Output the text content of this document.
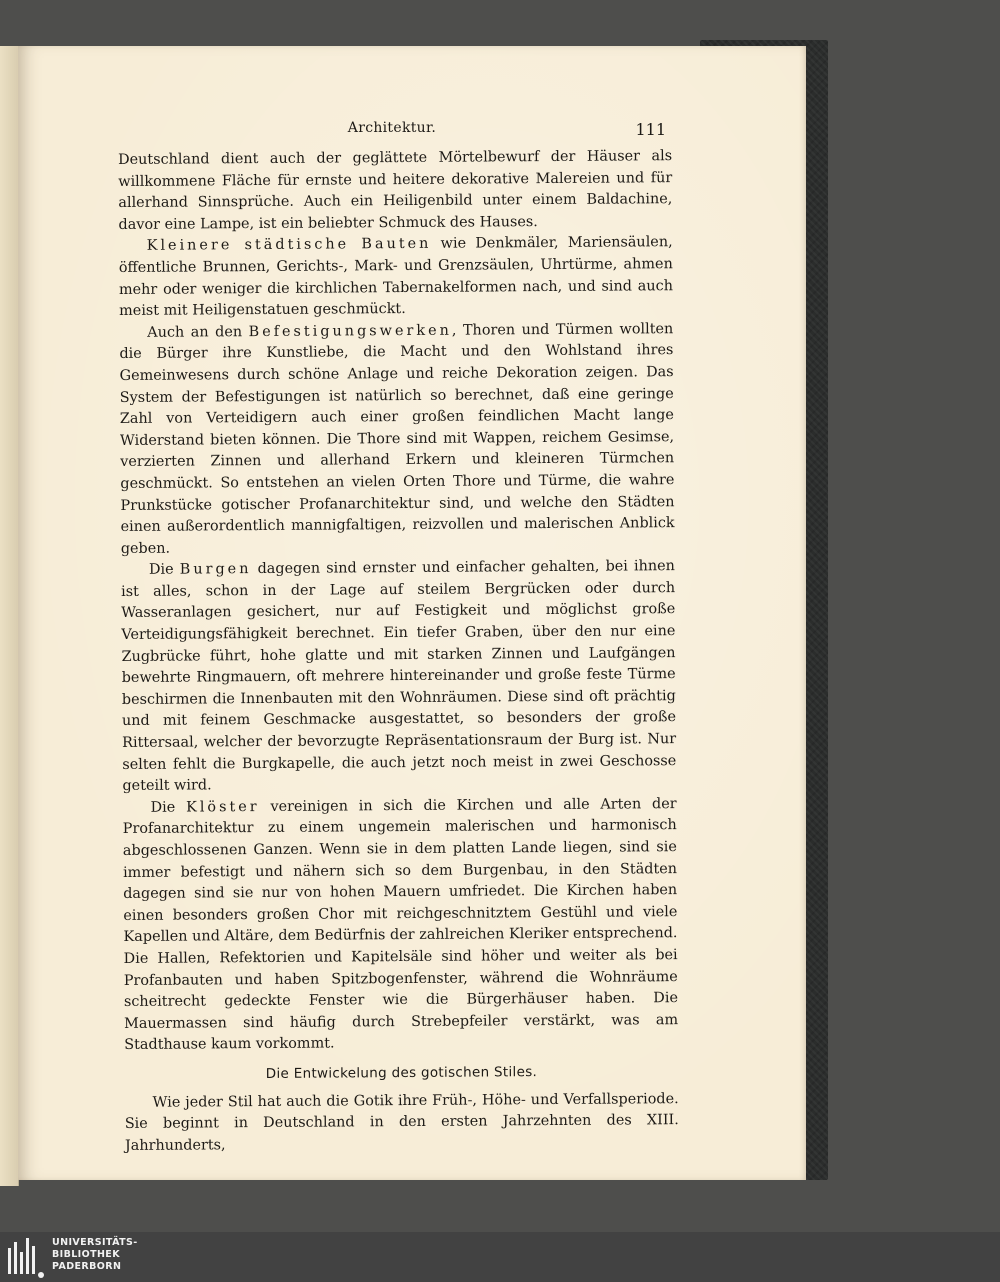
Architektur.	111

Deutschland dient auch der geglättete Mörtelbewurf der Häuser als willkommene Fläche für ernste und heitere dekorative Malereien und für allerhand Sinnsprüche. Auch ein Heiligenbild unter einem Baldachine, davor eine Lampe, ist ein beliebter Schmuck des Hauses.

Kleinere städtische Bauten wie Denkmäler, Mariensäulen, öffentliche Brunnen, Gerichts-, Mark- und Grenzsäulen, Uhrtürme, ahmen mehr oder weniger die kirchlichen Tabernakelformen nach, und sind auch meist mit Heiligenstatuen geschmückt.

Auch an den Befestigungswerken, Thoren und Türmen wollten die Bürger ihre Kunstliebe, die Macht und den Wohlstand ihres Gemeinwesens durch schöne Anlage und reiche Dekoration zeigen. Das System der Befestigungen ist natürlich so berechnet, daß eine geringe Zahl von Verteidigern auch einer großen feindlichen Macht lange Widerstand bieten können. Die Thore sind mit Wappen, reichem Gesimse, verzierten Zinnen und allerhand Erkern und kleineren Türmchen geschmückt. So entstehen an vielen Orten Thore und Türme, die wahre Prunkstücke gotischer Profanarchitektur sind, und welche den Städten einen außerordentlich mannigfaltigen, reizvollen und malerischen Anblick geben.

Die Burgen dagegen sind ernster und einfacher gehalten, bei ihnen ist alles, schon in der Lage auf steilem Bergrücken oder durch Wasseranlagen gesichert, nur auf Festigkeit und möglichst große Verteidigungsfähigkeit berechnet. Ein tiefer Graben, über den nur eine Zugbrücke führt, hohe glatte und mit starken Zinnen und Laufgängen bewehrte Ringmauern, oft mehrere hintereinander und große feste Türme beschirmen die Innenbauten mit den Wohnräumen. Diese sind oft prächtig und mit feinem Geschmacke ausgestattet, so besonders der große Rittersaal, welcher der bevorzugte Repräsentationsraum der Burg ist. Nur selten fehlt die Burgkapelle, die auch jetzt noch meist in zwei Geschosse geteilt wird.

Die Klöster vereinigen in sich die Kirchen und alle Arten der Profanarchitektur zu einem ungemein malerischen und harmonisch abgeschlossenen Ganzen. Wenn sie in dem platten Lande liegen, sind sie immer befestigt und nähern sich so dem Burgenbau, in den Städten dagegen sind sie nur von hohen Mauern umfriedet. Die Kirchen haben einen besonders großen Chor mit reichgeschnitztem Gestühl und viele Kapellen und Altäre, dem Bedürfnis der zahlreichen Kleriker entsprechend. Die Hallen, Refektorien und Kapitelsäle sind höher und weiter als bei Profanbauten und haben Spitzbogenfenster, während die Wohnräume scheitrecht gedeckte Fenster wie die Bürgerhäuser haben. Die Mauermassen sind häufig durch Strebepfeiler verstärkt, was am Stadthause kaum vorkommt.

Die Entwickelung des gotischen Stiles.

Wie jeder Stil hat auch die Gotik ihre Früh-, Höhe- und Verfallsperiode. Sie beginnt in Deutschland in den ersten Jahrzehnten des XIII. Jahrhunderts,

UNIVERSITÄTS-
BIBLIOTHEK
PADERBORN
